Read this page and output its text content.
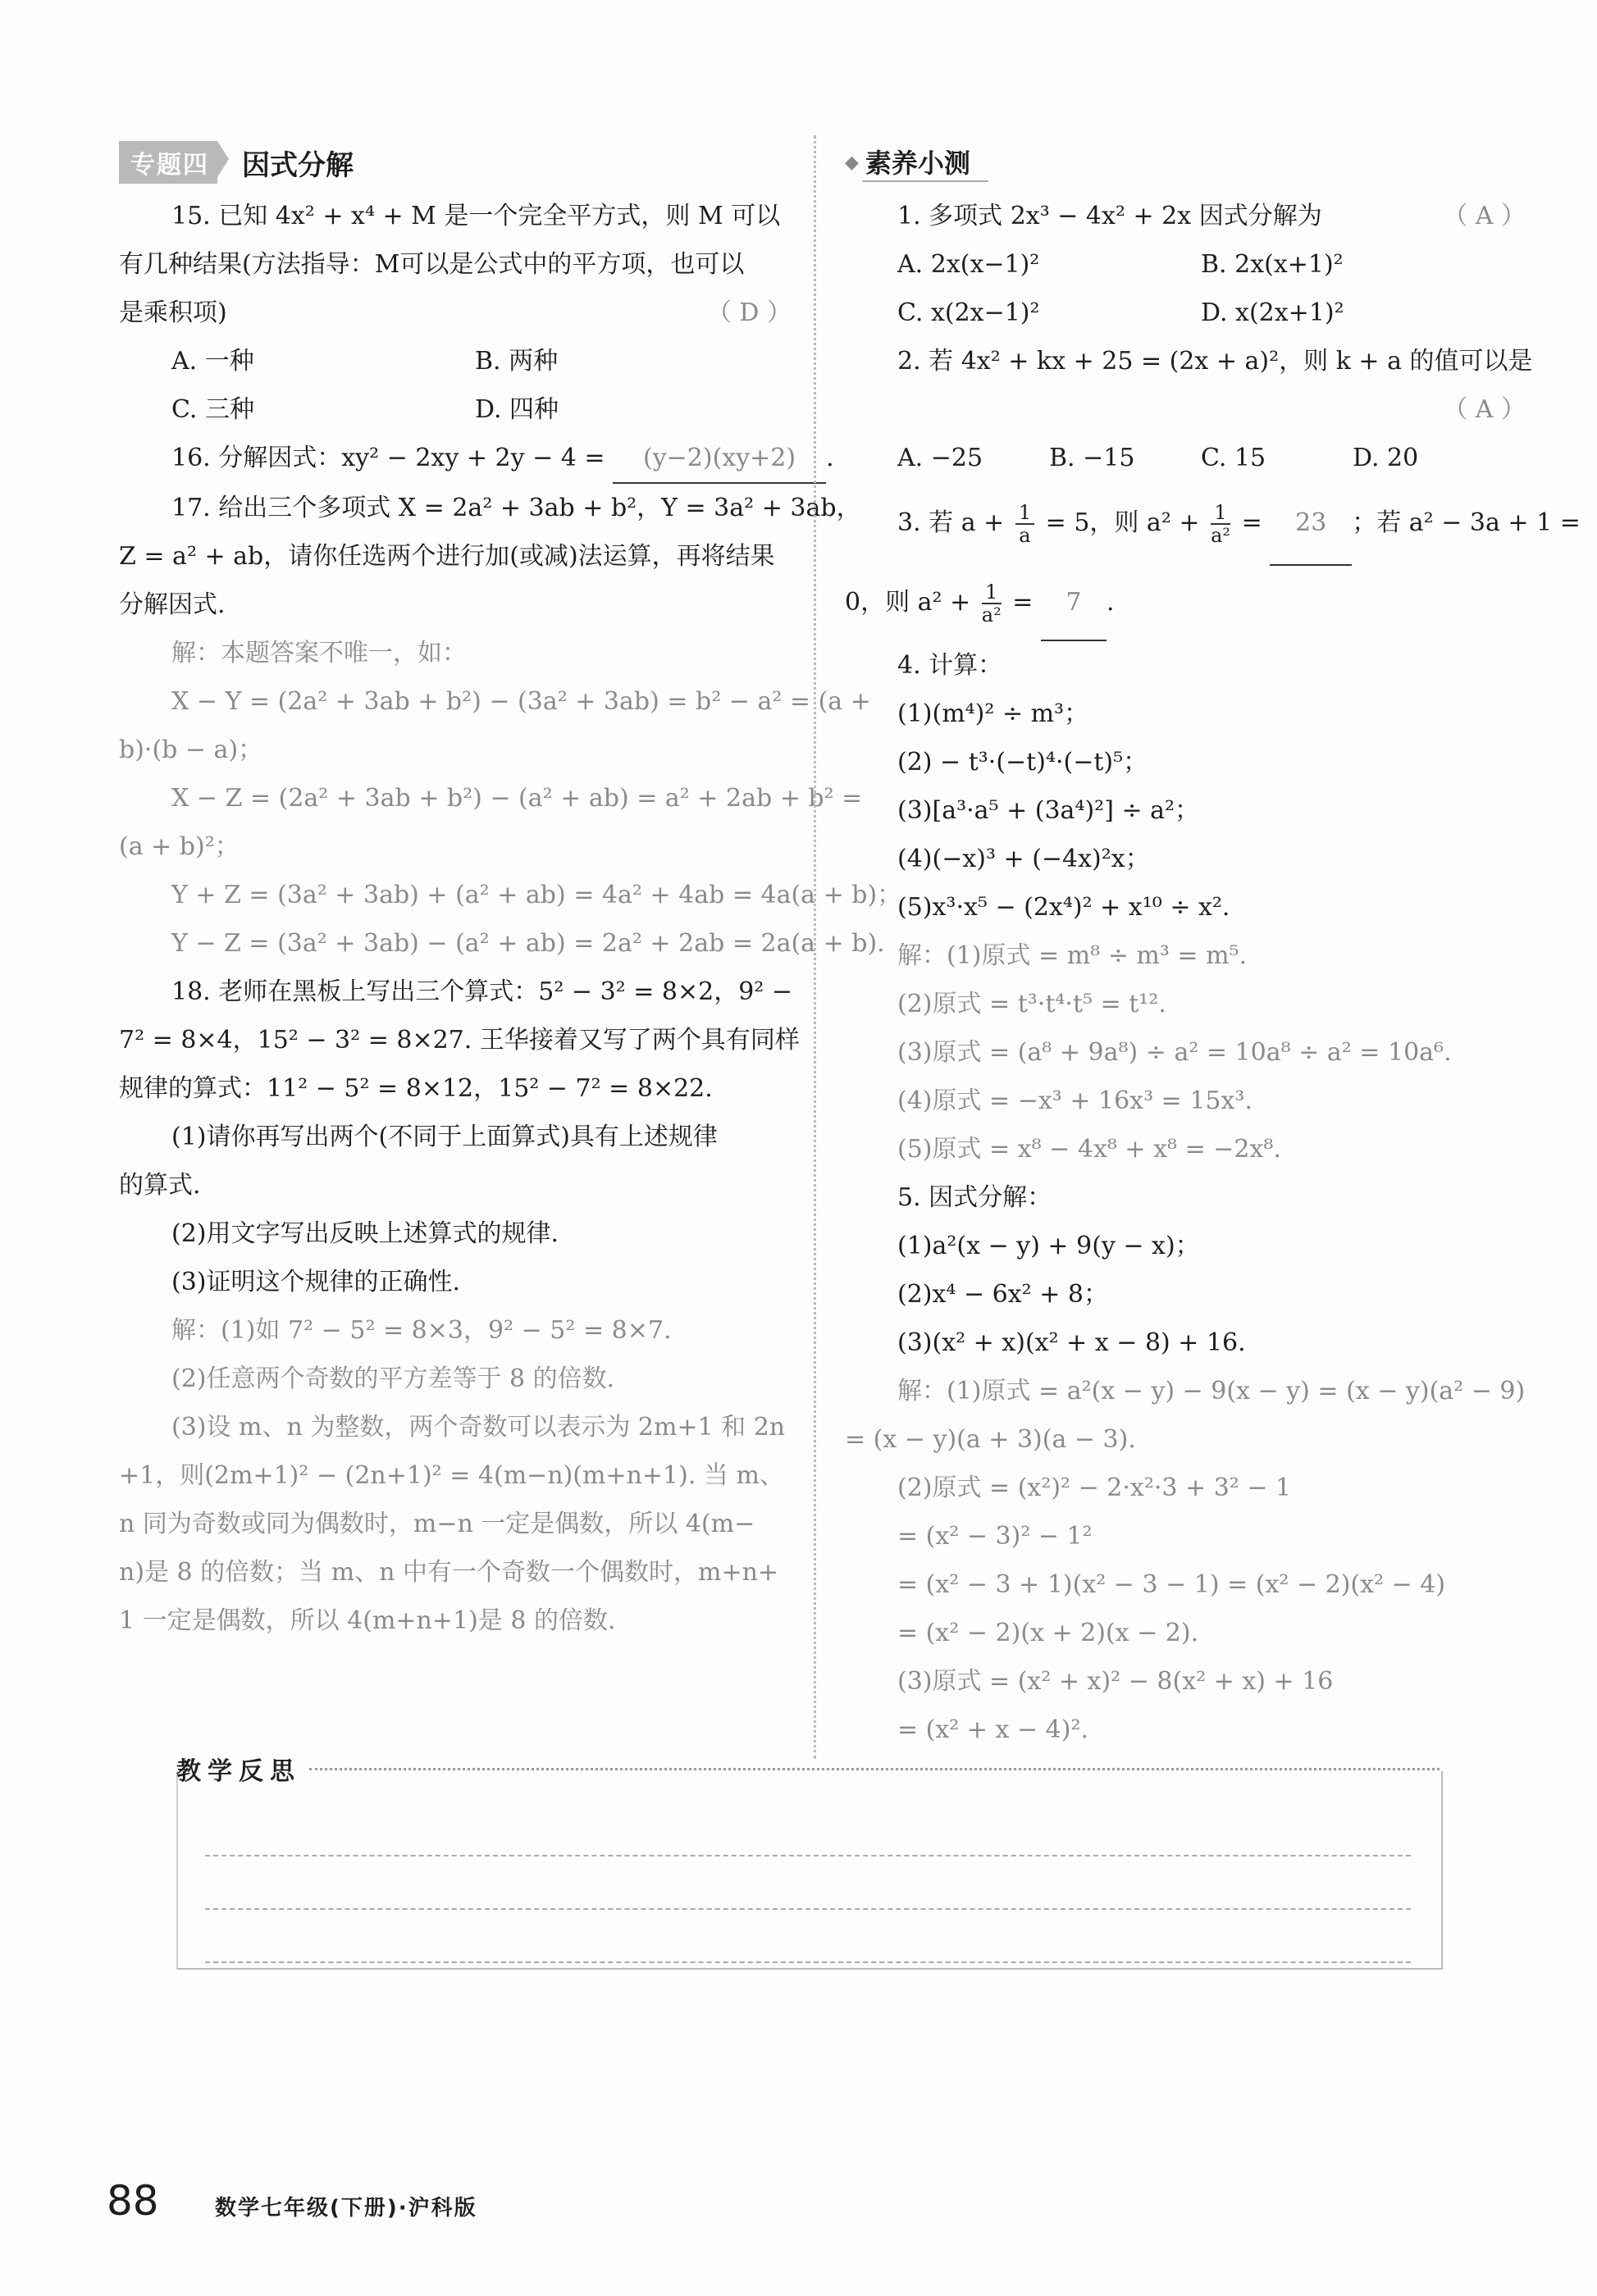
专题四 因式分解
15. 已知 4x² + x⁴ + M 是一个完全平方式，则 M 可以
有几种结果(方法指导：M可以是公式中的平方项，也可以
是乘积项)	（ D ）
A. 一种	B. 两种
C. 三种	D. 四种
16. 分解因式：xy² − 2xy + 2y − 4 = (y−2)(xy+2) .
17. 给出三个多项式 X = 2a² + 3ab + b²，Y = 3a² + 3ab，
Z = a² + ab，请你任选两个进行加(或减)法运算，再将结果
分解因式.
解：本题答案不唯一，如：
X − Y = (2a² + 3ab + b²) − (3a² + 3ab) = b² − a² = (a +
b)·(b − a)；
X − Z = (2a² + 3ab + b²) − (a² + ab) = a² + 2ab + b² =
(a + b)²；
Y + Z = (3a² + 3ab) + (a² + ab) = 4a² + 4ab = 4a(a + b)；
Y − Z = (3a² + 3ab) − (a² + ab) = 2a² + 2ab = 2a(a + b).
18. 老师在黑板上写出三个算式：5² − 3² = 8×2，9² −
7² = 8×4，15² − 3² = 8×27. 王华接着又写了两个具有同样
规律的算式：11² − 5² = 8×12，15² − 7² = 8×22.
(1)请你再写出两个(不同于上面算式)具有上述规律
的算式.
(2)用文字写出反映上述算式的规律.
(3)证明这个规律的正确性.
解：(1)如 7² − 5² = 8×3，9² − 5² = 8×7.
(2)任意两个奇数的平方差等于 8 的倍数.
(3)设 m、n 为整数，两个奇数可以表示为 2m+1 和 2n
+1，则(2m+1)² − (2n+1)² = 4(m−n)(m+n+1). 当 m、
n 同为奇数或同为偶数时，m−n 一定是偶数，所以 4(m−
n)是 8 的倍数；当 m、n 中有一个奇数一个偶数时，m+n+
1 一定是偶数，所以 4(m+n+1)是 8 的倍数.
◆ 素养小测
1. 多项式 2x³ − 4x² + 2x 因式分解为	（ A ）
A. 2x(x−1)²	B. 2x(x+1)²
C. x(2x−1)²	D. x(2x+1)²
2. 若 4x² + kx + 25 = (2x + a)²，则 k + a 的值可以是
（ A ）

A. −25	B. −15	C. 15	D. 20
3. 若 $a + \frac{1}{a} = 5$，则 $a^2 + \frac{1}{\text{a²}} = 23$ ；若 a² − 3a + 1 =
0，则 $a^2 + \frac{1}{\text{a²}} = 7$ .
4. 计算：
(1)(m⁴)² ÷ m³；
(2) − t³·(−t)⁴·(−t)⁵；
(3)[a³·a⁵ + (3a⁴)²] ÷ a²；
(4)(−x)³ + (−4x)²x；
(5)x³·x⁵ − (2x⁴)² + x¹⁰ ÷ x².
解：(1)原式 = m⁸ ÷ m³ = m⁵.
(2)原式 = t³·t⁴·t⁵ = t¹².
(3)原式 = (a⁸ + 9a⁸) ÷ a² = 10a⁸ ÷ a² = 10a⁶.
(4)原式 = −x³ + 16x³ = 15x³.
(5)原式 = x⁸ − 4x⁸ + x⁸ = −2x⁸.
5. 因式分解：
(1)a²(x − y) + 9(y − x)；
(2)x⁴ − 6x² + 8；
(3)(x² + x)(x² + x − 8) + 16.
解：(1)原式 = a²(x − y) − 9(x − y) = (x − y)(a² − 9)
= (x − y)(a + 3)(a − 3).
(2)原式 = (x²)² − 2·x²·3 + 3² − 1
= (x² − 3)² − 1²
= (x² − 3 + 1)(x² − 3 − 1) = (x² − 2)(x² − 4)
= (x² − 2)(x + 2)(x − 2).
(3)原式 = (x² + x)² − 8(x² + x) + 16
= (x² + x − 4)².
教学反思
88	数学七年级(下册)·沪科版
